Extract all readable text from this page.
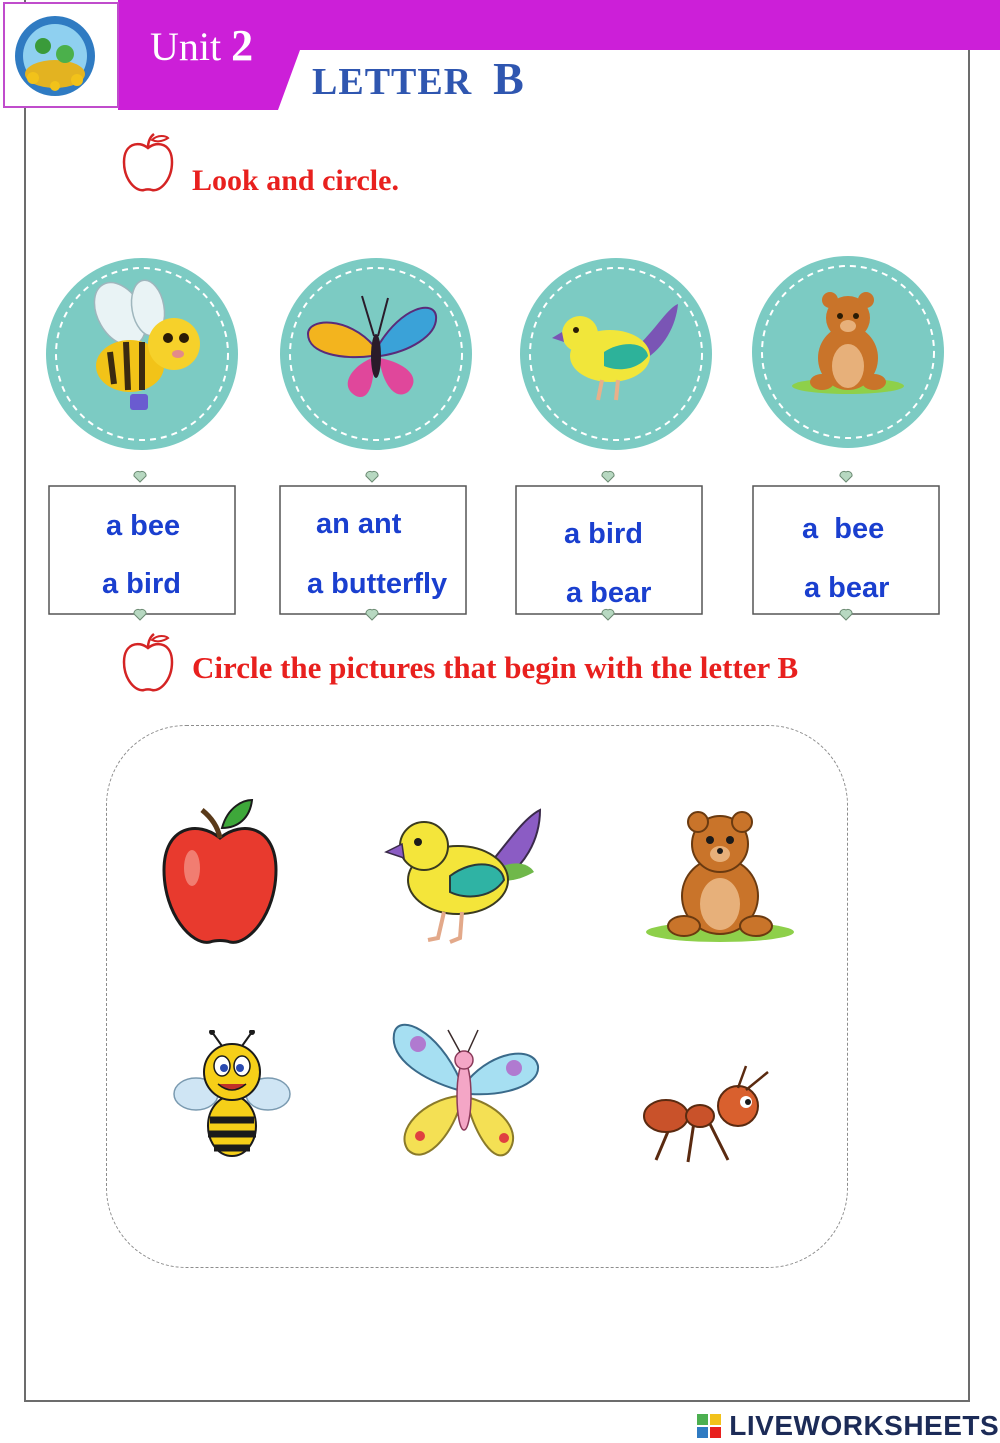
Unit 2
LETTER B
Look and circle.
a bee
a bird
an ant
a butterfly
a bird
a bear
a  bee
a bear
Circle the pictures that begin with the letter B
LIVEWORKSHEETS
